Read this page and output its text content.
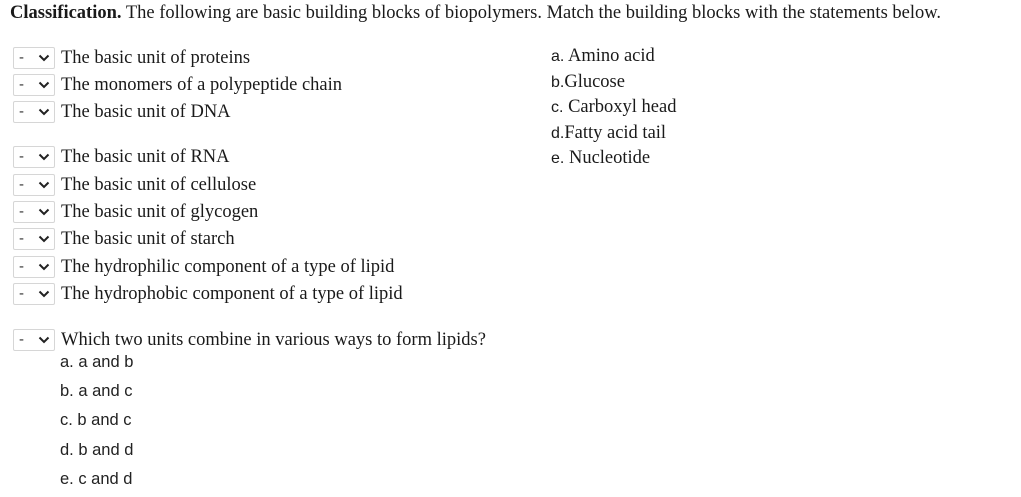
Classification. The following are basic building blocks of biopolymers. Match the building blocks with the statements below.
- The basic unit of proteins
- The monomers of a polypeptide chain
- The basic unit of DNA
- The basic unit of RNA
- The basic unit of cellulose
- The basic unit of glycogen
- The basic unit of starch
- The hydrophilic component of a type of lipid
- The hydrophobic component of a type of lipid
- Which two units combine in various ways to form lipids?
a. a and b
b. a and c
c. b and c
d. b and d
e. c and d
a. Amino acid
b.Glucose
c. Carboxyl head
d.Fatty acid tail
e. Nucleotide
